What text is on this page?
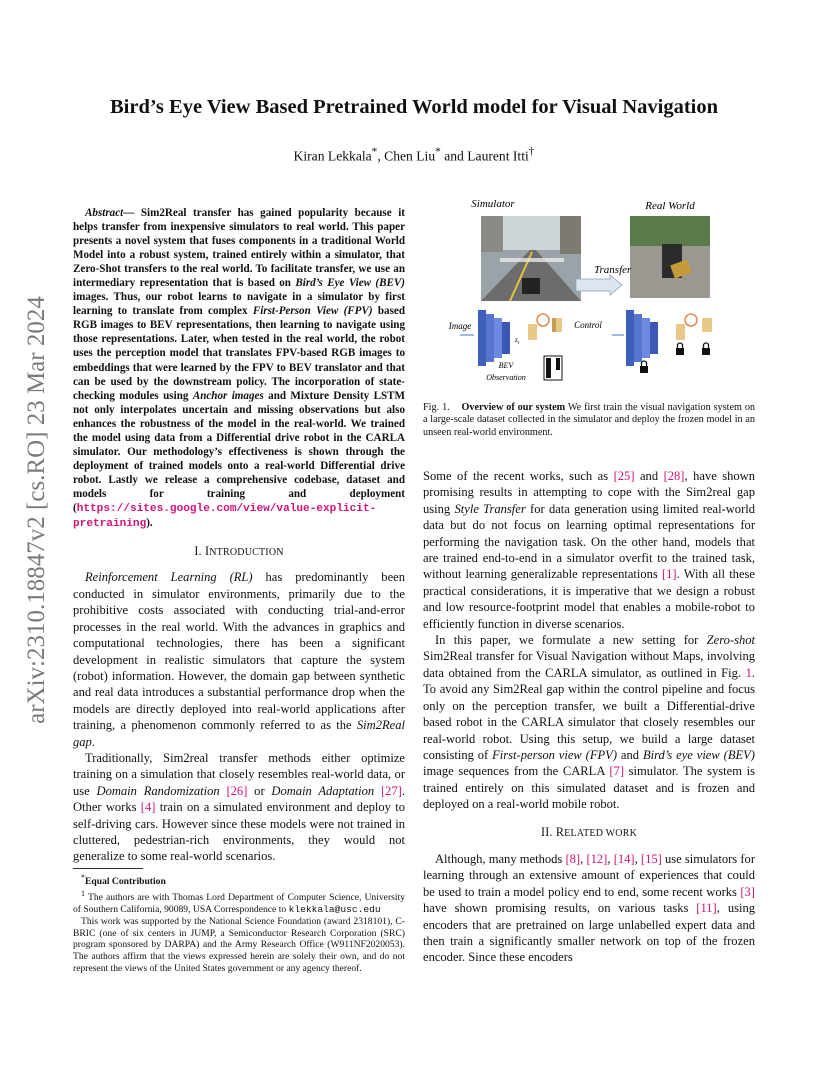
arXiv:2310.18847v2 [cs.RO] 23 Mar 2024
Bird’s Eye View Based Pretrained World model for Visual Navigation
Kiran Lekkala*, Chen Liu* and Laurent Itti†

Abstract— Sim2Real transfer has gained popularity because it helps transfer from inexpensive simulators to real world. This paper presents a novel system that fuses components in a traditional World Model into a robust system, trained entirely within a simulator, that Zero-Shot transfers to the real world. To facilitate transfer, we use an intermediary representation that is based on Bird’s Eye View (BEV) images. Thus, our robot learns to navigate in a simulator by first learning to translate from complex First-Person View (FPV) based RGB images to BEV representations, then learning to navigate using those representations. Later, when tested in the real world, the robot uses the perception model that translates FPV-based RGB images to embeddings that were learned by the FPV to BEV translator and that can be used by the downstream policy. The incorporation of state-checking modules using Anchor images and Mixture Density LSTM not only interpolates uncertain and missing observations but also enhances the robustness of the model in the real-world. We trained the model using data from a Differential drive robot in the CARLA simulator. Our methodology’s effectiveness is shown through the deployment of trained models onto a real-world Differential drive robot. Lastly we release a comprehensive codebase, dataset and models for training and deployment (https://sites.google.com/view/value-explicit-pretraining).

I. INTRODUCTION

Reinforcement Learning (RL) has predominantly been conducted in simulator environments, primarily due to the prohibitive costs associated with conducting trial-and-error processes in the real world. With the advances in graphics and computational technologies, there has been a significant development in realistic simulators that capture the system (robot) information. However, the domain gap between synthetic and real data introduces a substantial performance drop when the models are directly deployed into real-world applications after training, a phenomenon commonly referred to as the Sim2Real gap.

Traditionally, Sim2real transfer methods either optimize training on a simulation that closely resembles real-world data, or use Domain Randomization [26] or Domain Adaptation [27]. Other works [4] train on a simulated environment and deploy to self-driving cars. However since these models were not trained in cluttered, pedestrian-rich environments, they would not generalize to some real-world scenarios.

*Equal Contribution

$^1$ The authors are with Thomas Lord Department of Computer Science, University of Southern California, 90089, USA Correspondence to klekkala@usc.edu

This work was supported by the National Science Foundation (award 2318101), C-BRIC (one of six centers in JUMP, a Semiconductor Research Corporation (SRC) program sponsored by DARPA) and the Army Research Office (W911NF2020053). The authors affirm that the views expressed herein are solely their own, and do not represent the views of the United States government or any agency thereof.

Simulator	Real World
Transfer
Image
$z_t$
Control
BEV
Observation
Fig. 1. Overview of our system We first train the visual navigation system on a large-scale dataset collected in the simulator and deploy the frozen model in an unseen real-world environment.

Some of the recent works, such as [25] and [28], have shown promising results in attempting to cope with the Sim2real gap using Style Transfer for data generation using limited real-world data but do not focus on learning optimal representations for performing the navigation task. On the other hand, models that are trained end-to-end in a simulator overfit to the trained task, without learning generalizable representations [1]. With all these practical considerations, it is imperative that we design a robust and low resource-footprint model that enables a mobile-robot to efficiently function in diverse scenarios.

In this paper, we formulate a new setting for Zero-shot Sim2Real transfer for Visual Navigation without Maps, involving data obtained from the CARLA simulator, as outlined in Fig. 1. To avoid any Sim2Real gap within the control pipeline and focus only on the perception transfer, we built a Differential-drive based robot in the CARLA simulator that closely resembles our real-world robot. Using this setup, we build a large dataset consisting of First-person view (FPV) and Bird’s eye view (BEV) image sequences from the CARLA [7] simulator. The system is trained entirely on this simulated dataset and is frozen and deployed on a real-world mobile robot.

II. RELATED WORK

Although, many methods [8], [12], [14], [15] use simulators for learning through an extensive amount of experiences that could be used to train a model policy end to end, some recent works [3] have shown promising results, on various tasks [11], using encoders that are pretrained on large unlabelled expert data and then train a significantly smaller network on top of the frozen encoder. Since these encoders
